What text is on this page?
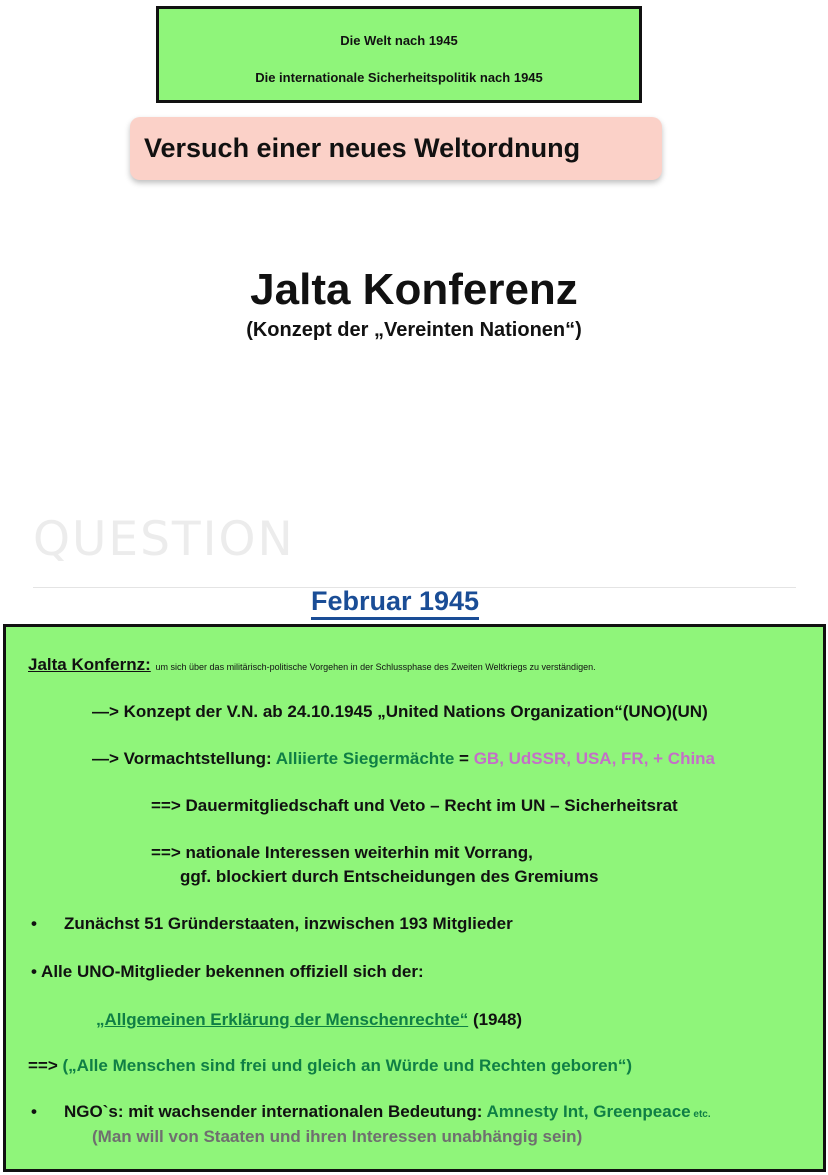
Die Welt nach 1945
Die internationale Sicherheitspolitik nach 1945
Versuch einer neues Weltordnung
Jalta Konferenz
(Konzept der „Vereinten Nationen“)
QUESTION
Februar 1945
Jalta Konfernz: um sich über das militärisch-politische Vorgehen in der Schlussphase des Zweiten Weltkriegs zu verständigen.
—> Konzept der V.N. ab 24.10.1945 „United Nations Organization“(UNO)(UN)
—> Vormachtstellung: Alliierte Siegermächte = GB, UdSSR, USA, FR, + China
==> Dauermitgliedschaft und Veto – Recht im UN – Sicherheitsrat
==> nationale Interessen weiterhin mit Vorrang,
ggf. blockiert durch Entscheidungen des Gremiums
• Zunächst 51 Gründerstaaten, inzwischen 193 Mitglieder
• Alle UNO-Mitglieder bekennen offiziell sich der:
„Allgemeinen Erklärung der Menschenrechte“ (1948)
==> („Alle Menschen sind frei und gleich an Würde und Rechten geboren“)
• NGO`s: mit wachsender internationalen Bedeutung: Amnesty Int, Greenpeace etc.
(Man will von Staaten und ihren Interessen unabhängig sein)
